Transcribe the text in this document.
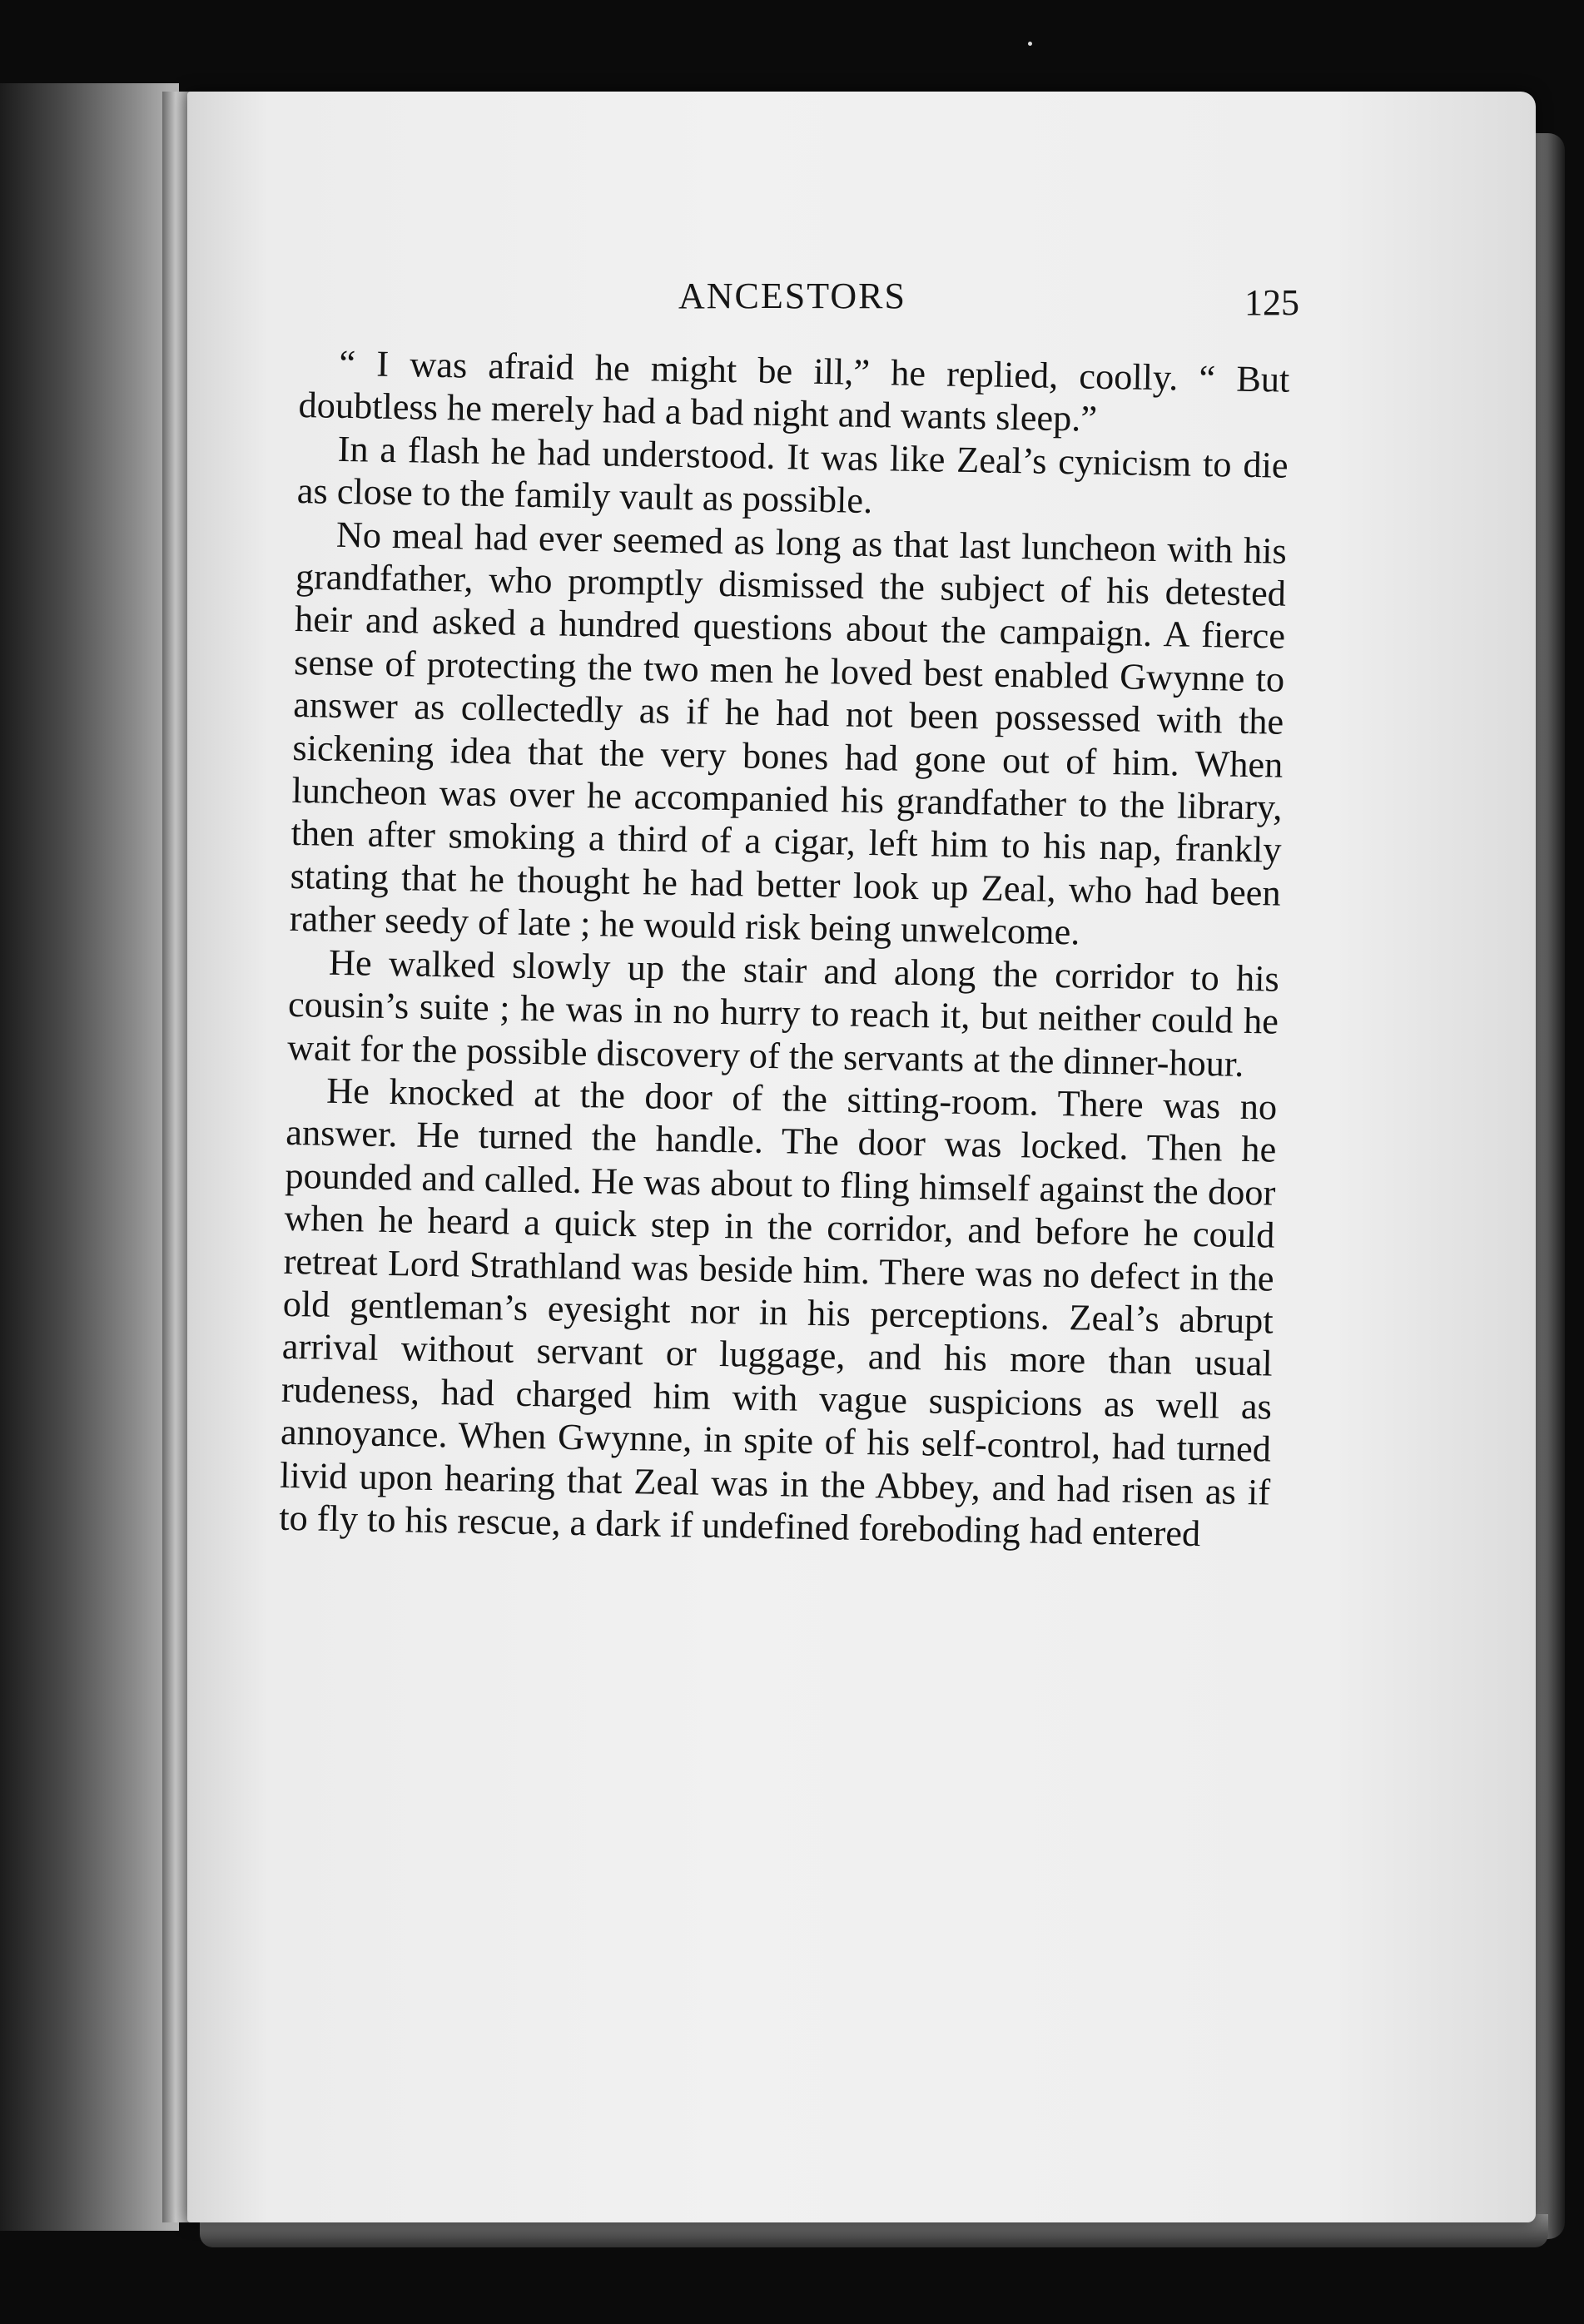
ANCESTORS	125

“ I was afraid he might be ill,” he replied, coolly. “ But doubtless he merely had a bad night and wants sleep.”

In a flash he had understood. It was like Zeal’s cynicism to die as close to the family vault as possible.

No meal had ever seemed as long as that last luncheon with his grandfather, who promptly dismissed the subject of his detested heir and asked a hundred questions about the campaign. A fierce sense of protecting the two men he loved best enabled Gwynne to answer as collectedly as if he had not been possessed with the sickening idea that the very bones had gone out of him. When luncheon was over he accompanied his grandfather to the library, then after smoking a third of a cigar, left him to his nap, frankly stating that he thought he had better look up Zeal, who had been rather seedy of late ; he would risk being unwelcome.

He walked slowly up the stair and along the corridor to his cousin’s suite ; he was in no hurry to reach it, but neither could he wait for the possible discovery of the servants at the dinner-hour.

He knocked at the door of the sitting-room. There was no answer. He turned the handle. The door was locked. Then he pounded and called. He was about to fling himself against the door when he heard a quick step in the corridor, and before he could retreat Lord Strathland was beside him. There was no defect in the old gentleman’s eyesight nor in his perceptions. Zeal’s abrupt arrival without servant or luggage, and his more than usual rudeness, had charged him with vague suspicions as well as annoyance. When Gwynne, in spite of his self-control, had turned livid upon hearing that Zeal was in the Abbey, and had risen as if to fly to his rescue, a dark if undefined foreboding had entered
